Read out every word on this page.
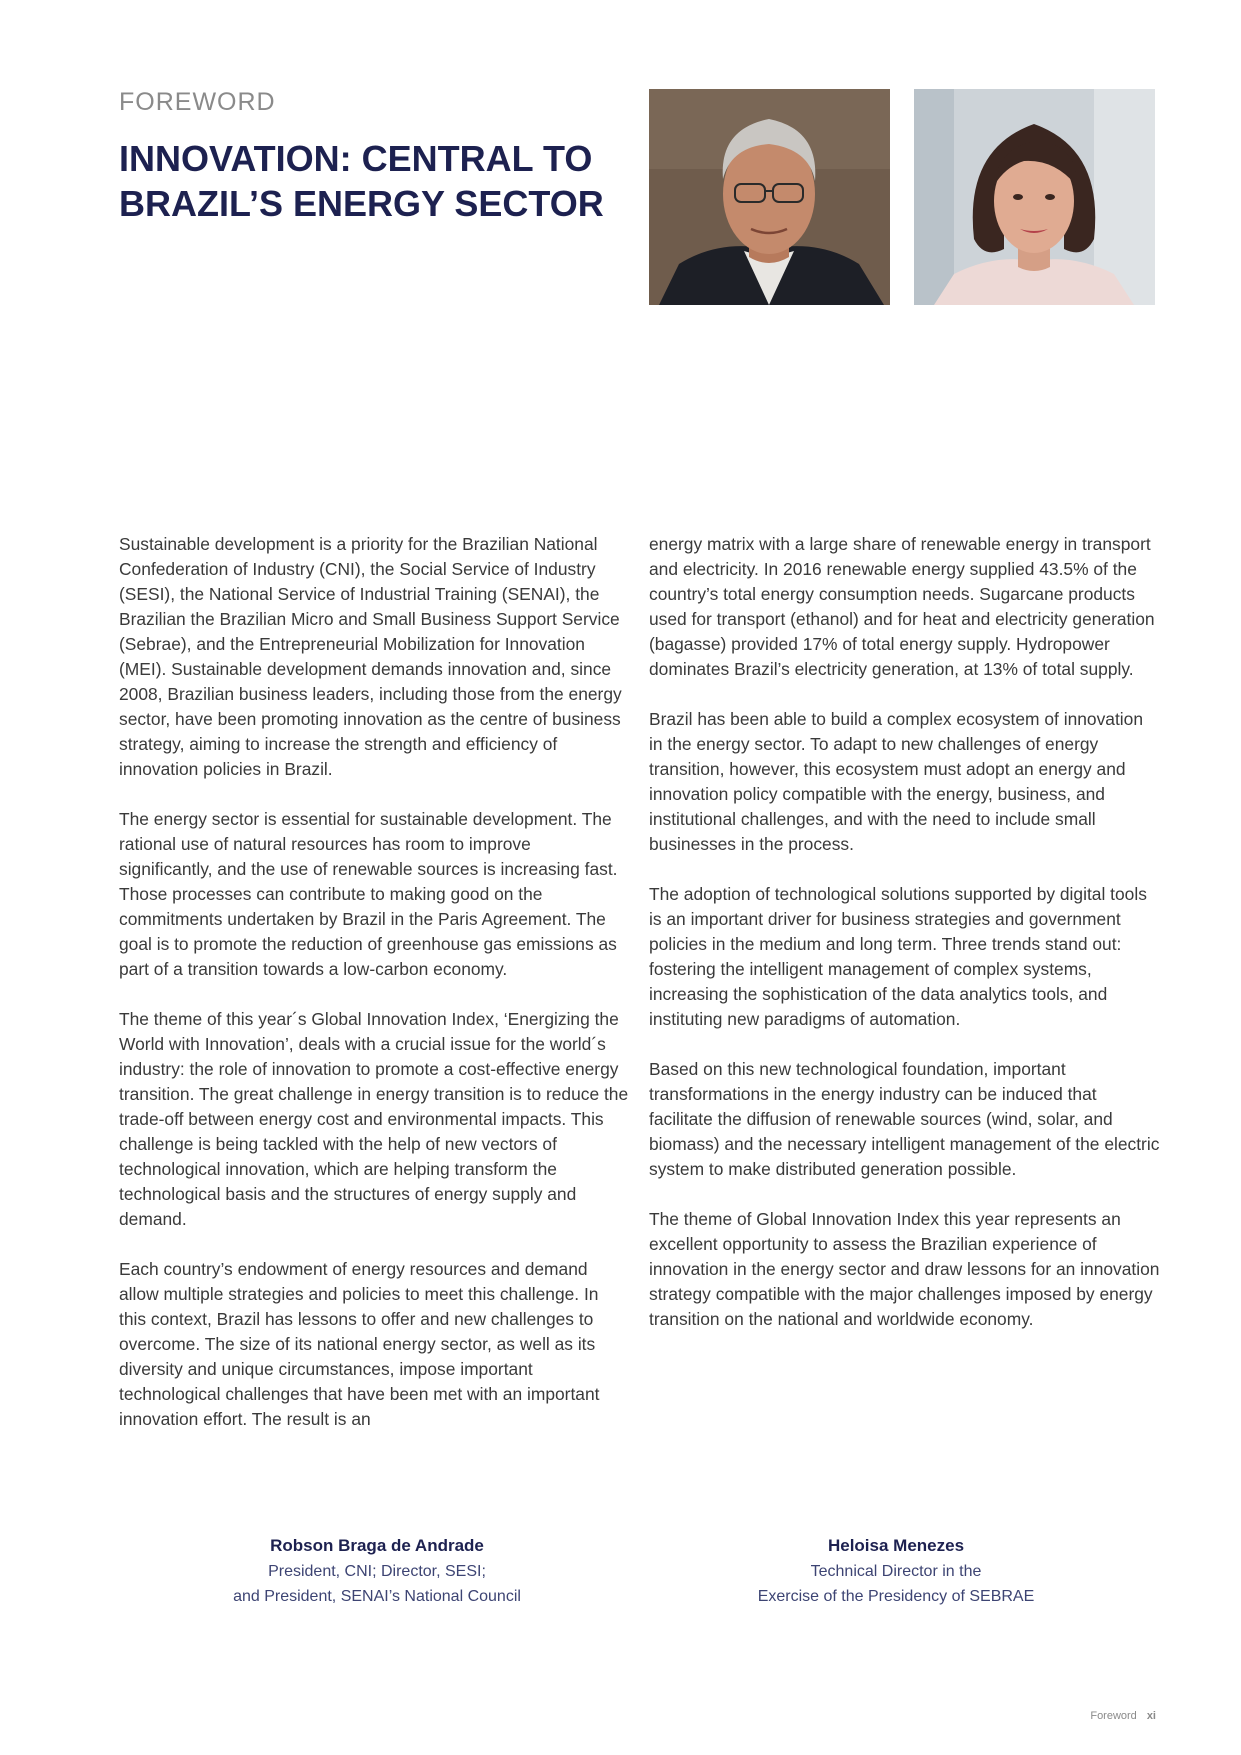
FOREWORD
INNOVATION: CENTRAL TO
BRAZIL’S ENERGY SECTOR

Sustainable development is a priority for the Brazilian National Confederation of Industry (CNI), the Social Service of Industry (SESI), the National Service of Industrial Training (SENAI), the Brazilian the Brazilian Micro and Small Business Support Service (Sebrae), and the Entrepreneurial Mobilization for Innovation (MEI). Sustainable development demands innovation and, since 2008, Brazilian business leaders, including those from the energy sector, have been promoting innovation as the centre of business strategy, aiming to increase the strength and efficiency of innovation policies in Brazil.

The energy sector is essential for sustainable development. The rational use of natural resources has room to improve significantly, and the use of renewable sources is increasing fast. Those processes can contribute to making good on the commitments undertaken by Brazil in the Paris Agreement. The goal is to promote the reduction of greenhouse gas emissions as part of a transition towards a low-carbon economy.

The theme of this year´s Global Innovation Index, ‘Energizing the World with Innovation’, deals with a crucial issue for the world´s industry: the role of innovation to promote a cost-effective energy transition. The great challenge in energy transition is to reduce the trade-off between energy cost and environmental impacts. This challenge is being tackled with the help of new vectors of technological innovation, which are helping transform the technological basis and the structures of energy supply and demand.

Each country’s endowment of energy resources and demand allow multiple strategies and policies to meet this challenge. In this context, Brazil has lessons to offer and new challenges to overcome. The size of its national energy sector, as well as its diversity and unique circumstances, impose important technological challenges that have been met with an important innovation effort. The result is an

energy matrix with a large share of renewable energy in transport and electricity. In 2016 renewable energy supplied 43.5% of the country’s total energy consumption needs. Sugarcane products used for transport (ethanol) and for heat and electricity generation (bagasse) provided 17% of total energy supply. Hydropower dominates Brazil’s electricity generation, at 13% of total supply.

Brazil has been able to build a complex ecosystem of innovation in the energy sector. To adapt to new challenges of energy transition, however, this ecosystem must adopt an energy and innovation policy compatible with the energy, business, and institutional challenges, and with the need to include small businesses in the process.

The adoption of technological solutions supported by digital tools is an important driver for business strategies and government policies in the medium and long term. Three trends stand out: fostering the intelligent management of complex systems, increasing the sophistication of the data analytics tools, and instituting new paradigms of automation.

Based on this new technological foundation, important transformations in the energy industry can be induced that facilitate the diffusion of renewable sources (wind, solar, and biomass) and the necessary intelligent management of the electric system to make distributed generation possible.

The theme of Global Innovation Index this year represents an excellent opportunity to assess the Brazilian experience of innovation in the energy sector and draw lessons for an innovation strategy compatible with the major challenges imposed by energy transition on the national and worldwide economy.

Robson Braga de Andrade
President, CNI; Director, SESI;
and President, SENAI’s National Council
Heloisa Menezes
Technical Director in the
Exercise of the Presidency of SEBRAE
Foreword xi
